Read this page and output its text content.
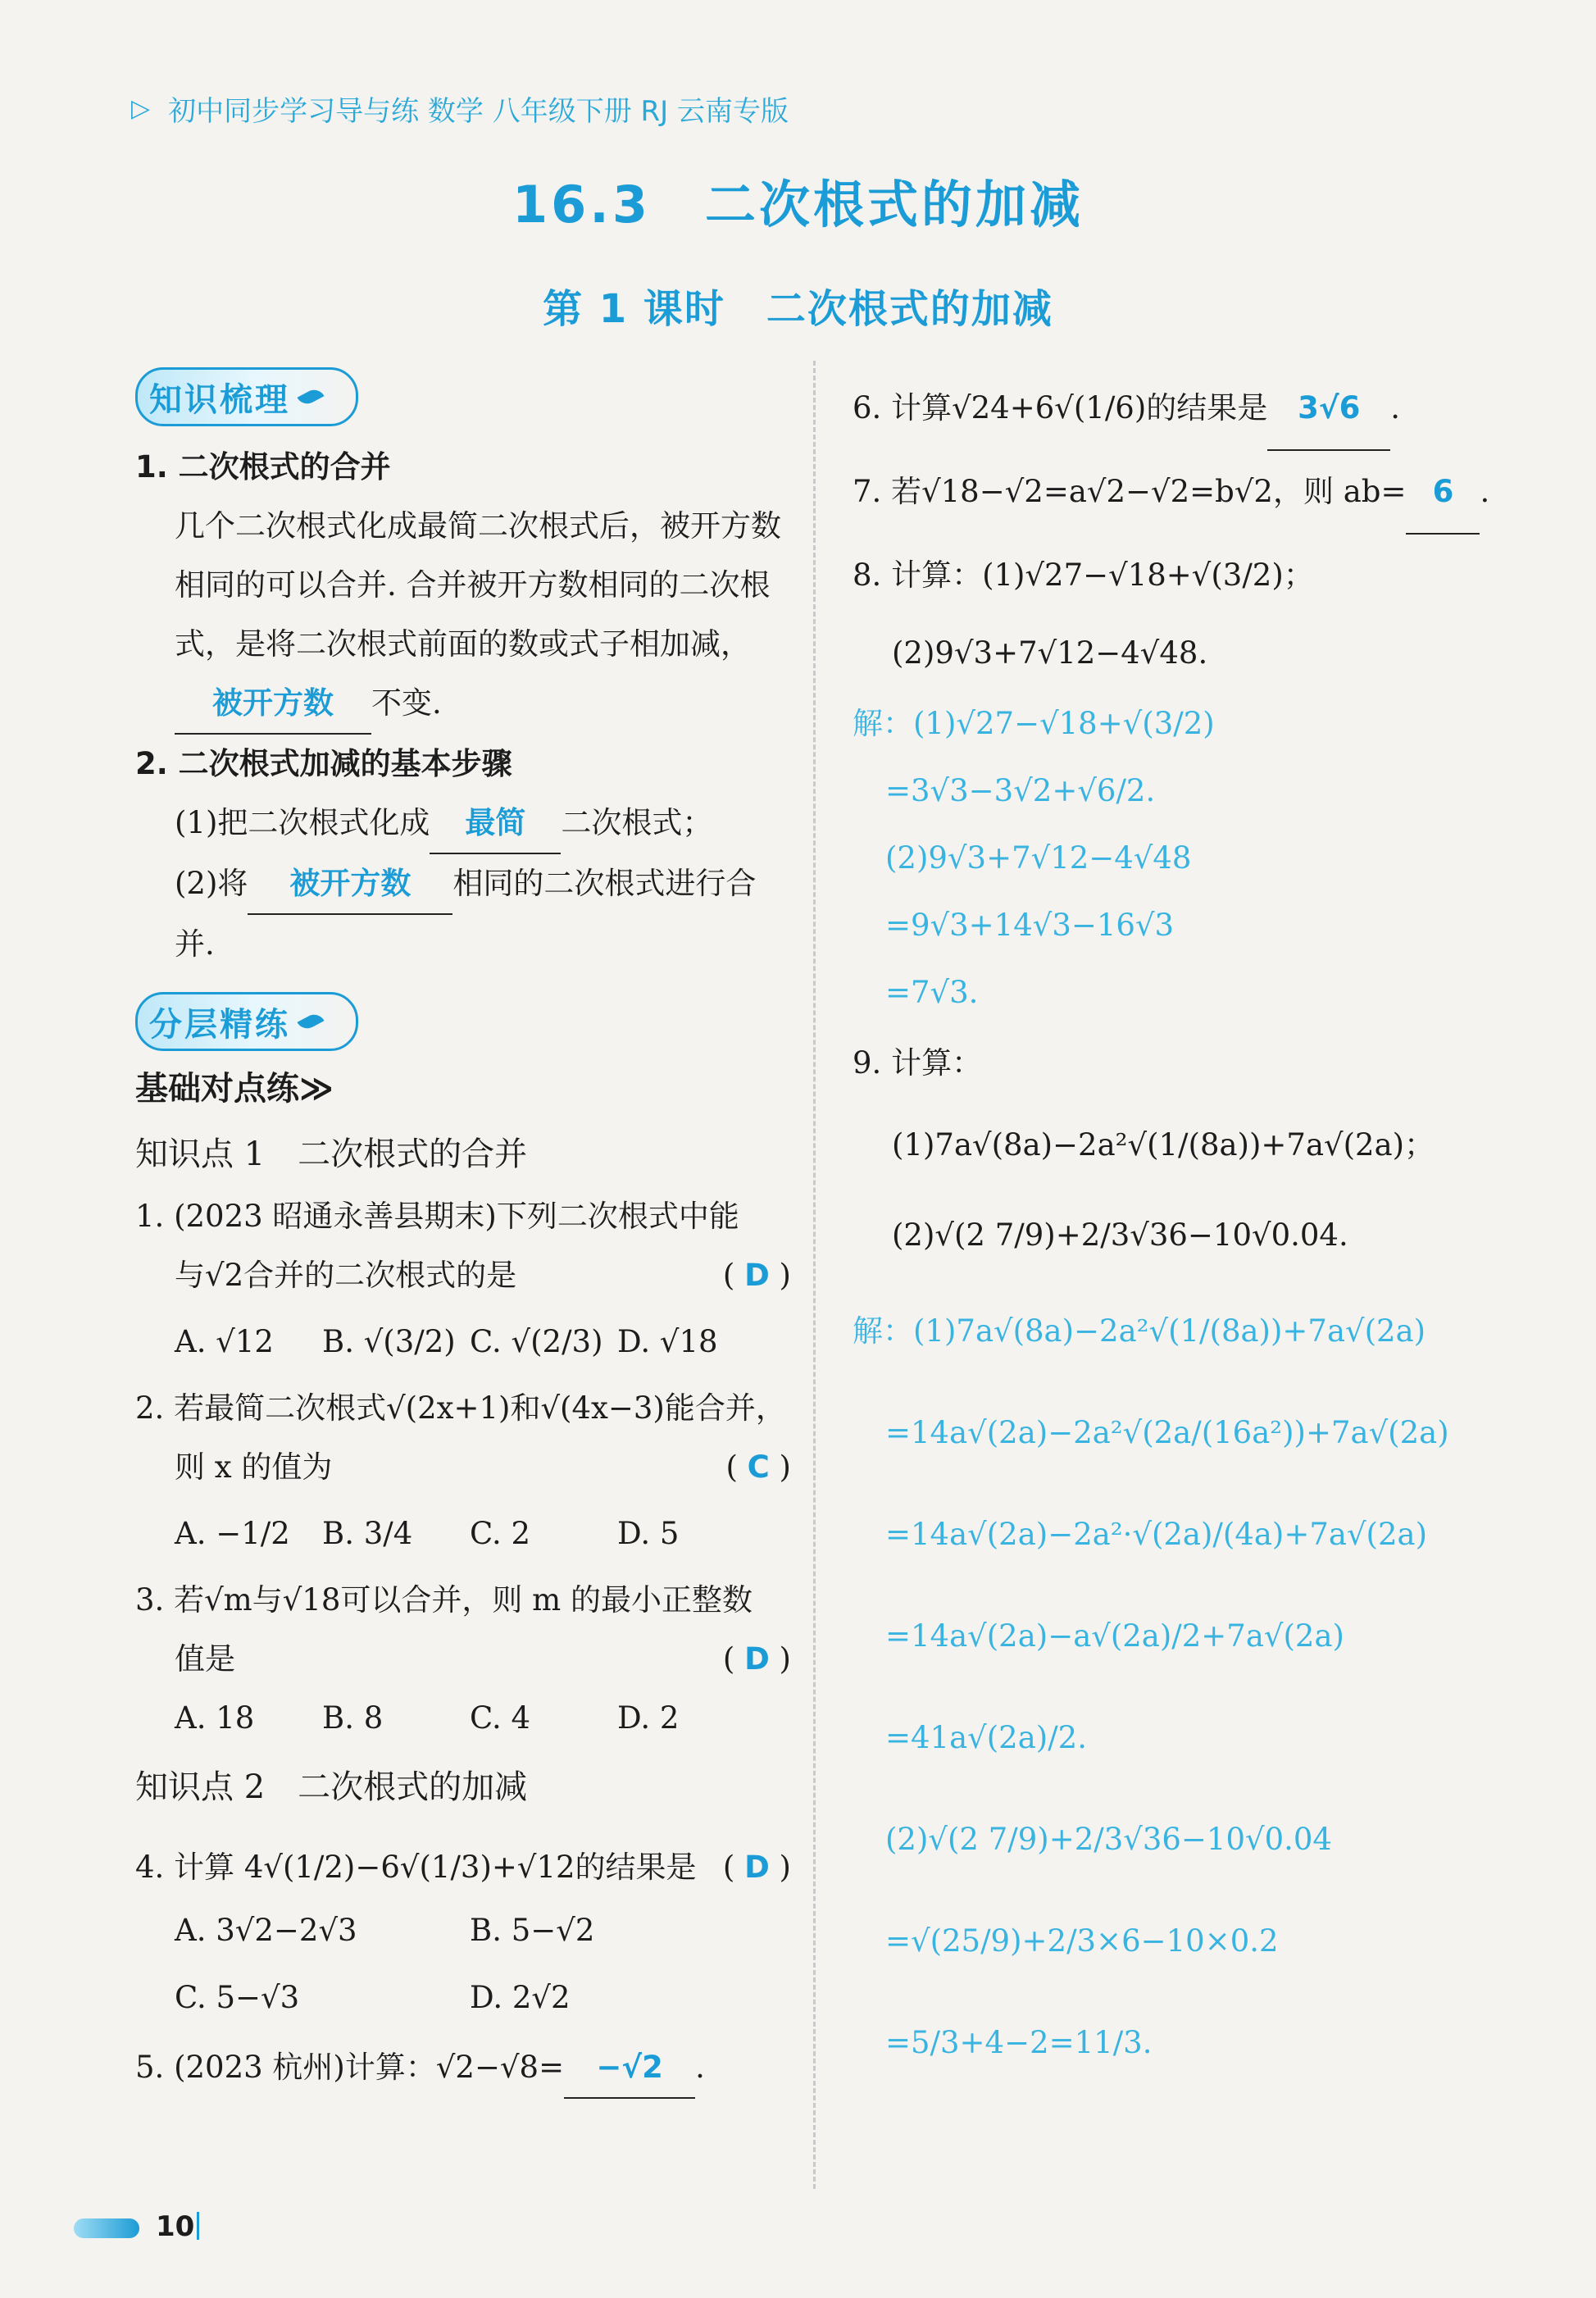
▷ 初中同步学习导与练 数学 八年级下册 RJ 云南专版
16.3　二次根式的加减
第 1 课时　二次根式的加减
知识梳理
1. 二次根式的合并
几个二次根式化成最简二次根式后，被开方数相同的可以合并. 合并被开方数相同的二次根式，是将二次根式前面的数或式子相加减，被开方数 不变.
2. 二次根式加减的基本步骤
(1)把二次根式化成 最简 二次根式；
(2)将 被开方数 相同的二次根式进行合并.
分层精练
基础对点练≫
知识点 1　二次根式的合并
1. (2023 昭通永善县期末)下列二次根式中能
与√2合并的二次根式的是	( D )
A. √12	B. √(3/2) C. √(2/3) D. √18
2. 若最简二次根式√(2x+1)和√(4x−3)能合并，
则 x 的值为	( C )
A. −1/2	B. 3/4	C. 2	D. 5
3. 若√m与√18可以合并，则 m 的最小正整数
值是	( D )
A. 18	B. 8	C. 4	D. 2
知识点 2　二次根式的加减
4. 计算 4√(1/2)−6√(1/3)+√12的结果是 ( D )
A. 3√2−2√3	B. 5−√2
C. 5−√3	D. 2√2
5. (2023 杭州)计算：√2−√8= −√2 .
6. 计算√24+6√(1/6)的结果是 3√6 .
7. 若√18−√2=a√2−√2=b√2，则 ab= 6 .
8. 计算：(1)√27−√18+√(3/2)；
(2)9√3+7√12−4√48.
解：(1)√27−√18+√(3/2)
=3√3−3√2+√6/2.
(2)9√3+7√12−4√48
=9√3+14√3−16√3
=7√3.
9. 计算：
(1)7a√(8a)−2a²√(1/(8a))+7a√(2a)；
(2)√(2 7/9)+2/3√36−10√0.04.
解：(1)7a√(8a)−2a²√(1/(8a))+7a√(2a)
=14a√(2a)−2a²√(2a/(16a²))+7a√(2a)
=14a√(2a)−2a²·√(2a)/(4a)+7a√(2a)
=14a√(2a)−a√(2a)/2+7a√(2a)
=41a√(2a)/2.
(2)√(2 7/9)+2/3√36−10√0.04
=√(25/9)+2/3×6−10×0.2
=5/3+4−2=11/3.
10
